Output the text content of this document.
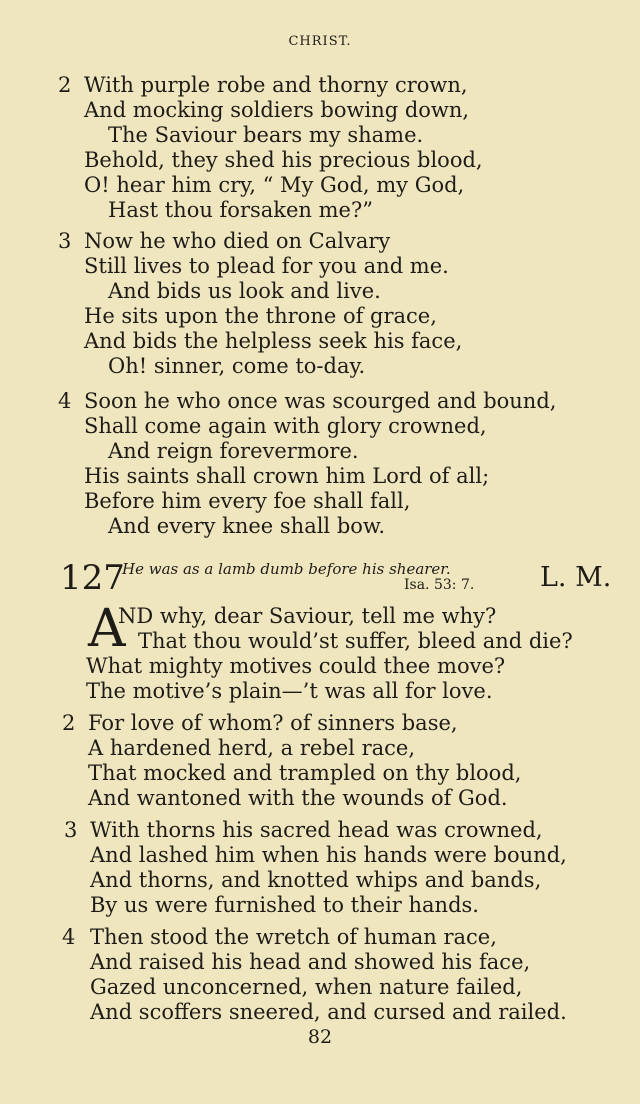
CHRIST.
2 With purple robe and thorny crown,
And mocking soldiers bowing down,
The Saviour bears my shame.
Behold, they shed his precious blood,
O! hear him cry, “ My God, my God,
Hast thou forsaken me?”
3 Now he who died on Calvary
Still lives to plead for you and me.
And bids us look and live.
He sits upon the throne of grace,
And bids the helpless seek his face,
Oh! sinner, come to-day.
4 Soon he who once was scourged and bound,
Shall come again with glory crowned,
And reign forevermore.
His saints shall crown him Lord of all;
Before him every foe shall fall,
And every knee shall bow.
127
He was as a lamb dumb before his shearer.
Isa. 53: 7. L. M.
A
ND why, dear Saviour, tell me why?
That thou would’st suffer, bleed and die?
What mighty motives could thee move?
The motive’s plain—’t was all for love.
2 For love of whom? of sinners base,
A hardened herd, a rebel race,
That mocked and trampled on thy blood,
And wantoned with the wounds of God.
3 With thorns his sacred head was crowned,
And lashed him when his hands were bound,
And thorns, and knotted whips and bands,
By us were furnished to their hands.
4 Then stood the wretch of human race,
And raised his head and showed his face,
Gazed unconcerned, when nature failed,
And scoffers sneered, and cursed and railed.
82
